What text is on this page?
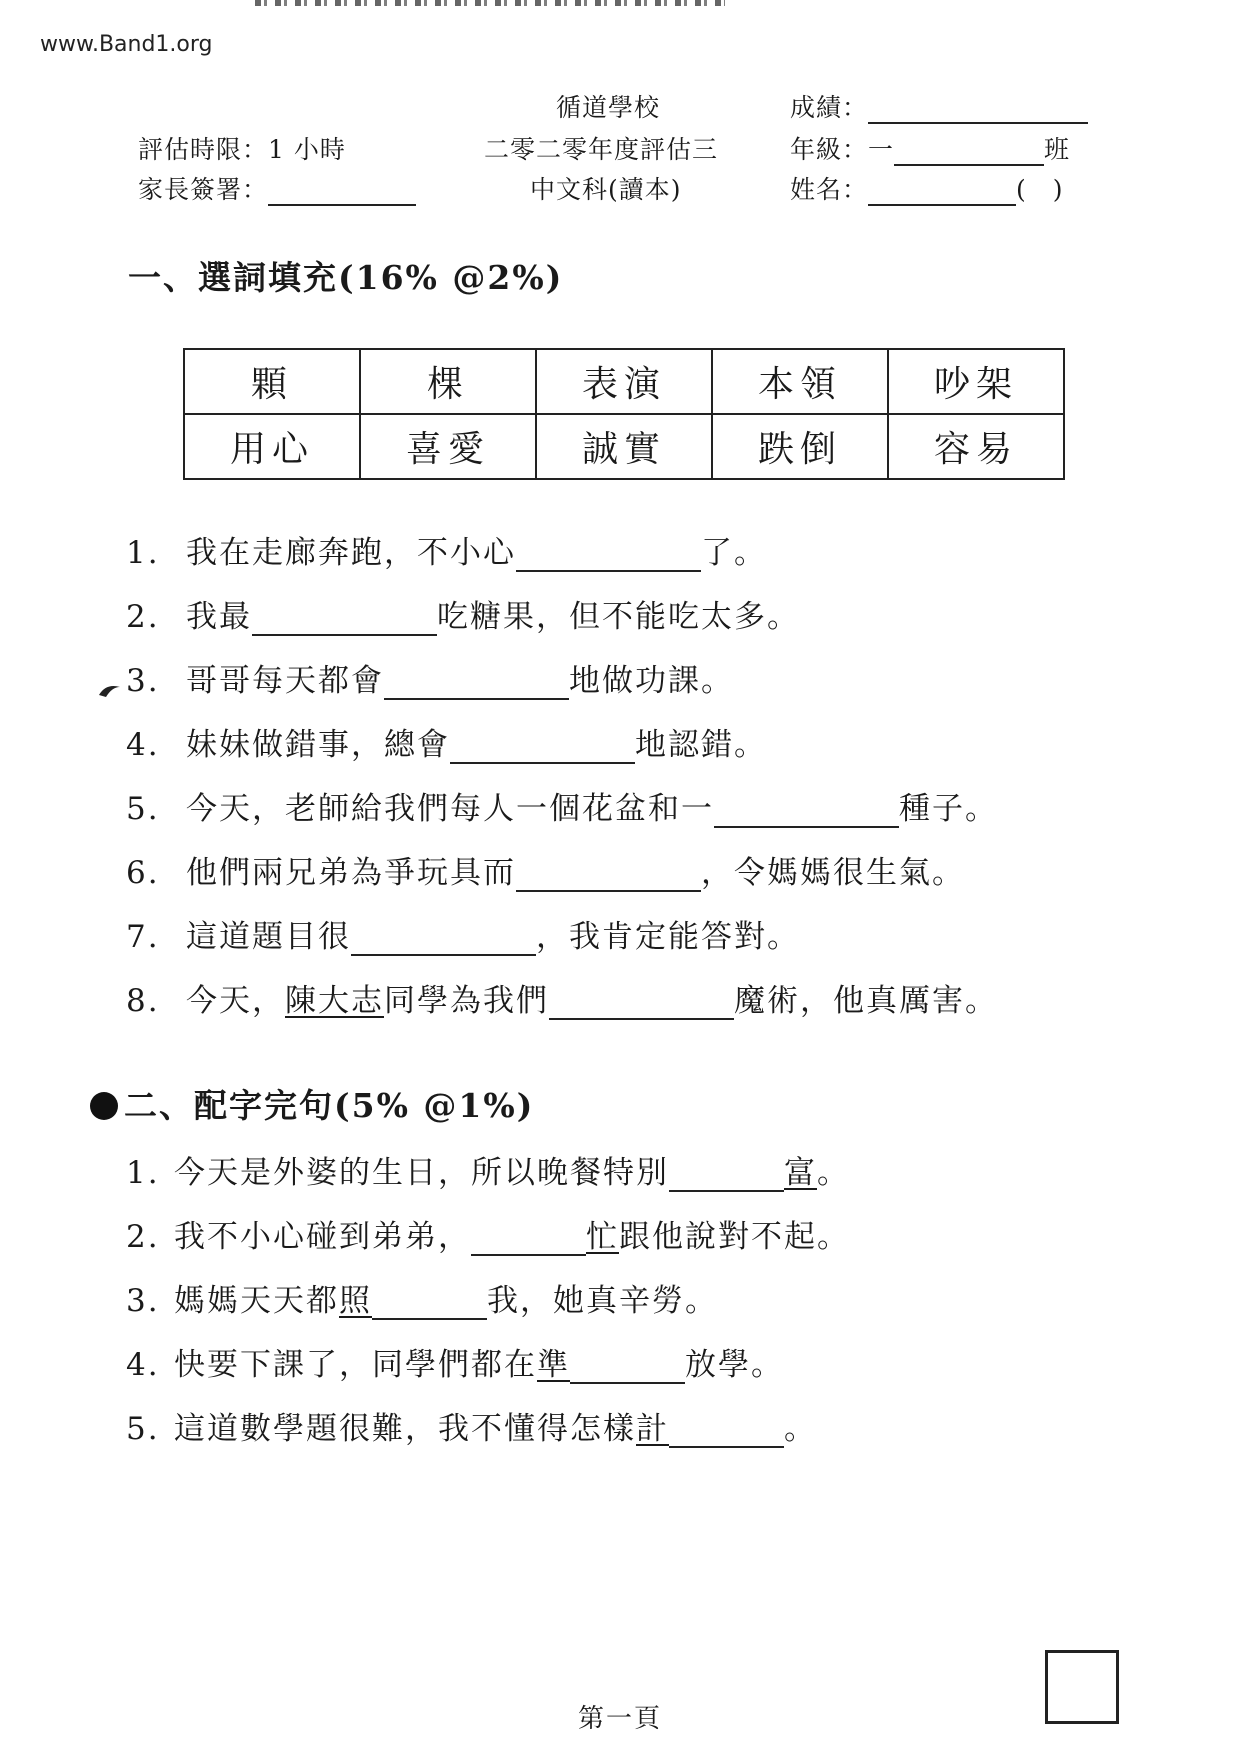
www.Band1.org
循道學校	成績：
評估時限：1 小時	二零二零年度評估三	年級：一	班
家長簽署：	中文科(讀本)	姓名：	(　)
一、選詞填充(16% @2%)
顆	棵	表演	本領	吵架
用心	喜愛	誠實	跌倒	容易
1. 我在走廊奔跑，不小心	了。
2. 我最	吃糖果，但不能吃太多。
3. 哥哥每天都會	地做功課。
4. 妹妹做錯事，總會	地認錯。
5. 今天，老師給我們每人一個花盆和一	種子。
6. 他們兩兄弟為爭玩具而	，令媽媽很生氣。
7. 這道題目很	，我肯定能答對。
8. 今天，陳大志同學為我們	魔術，他真厲害。
二、配字完句(5% @1%)
1. 今天是外婆的生日，所以晚餐特別	富。
2. 我不小心碰到弟弟，	忙跟他說對不起。
3. 媽媽天天都照	我，她真辛勞。
4. 快要下課了，同學們都在準	放學。
5. 這道數學題很難，我不懂得怎樣計	。
第一頁
